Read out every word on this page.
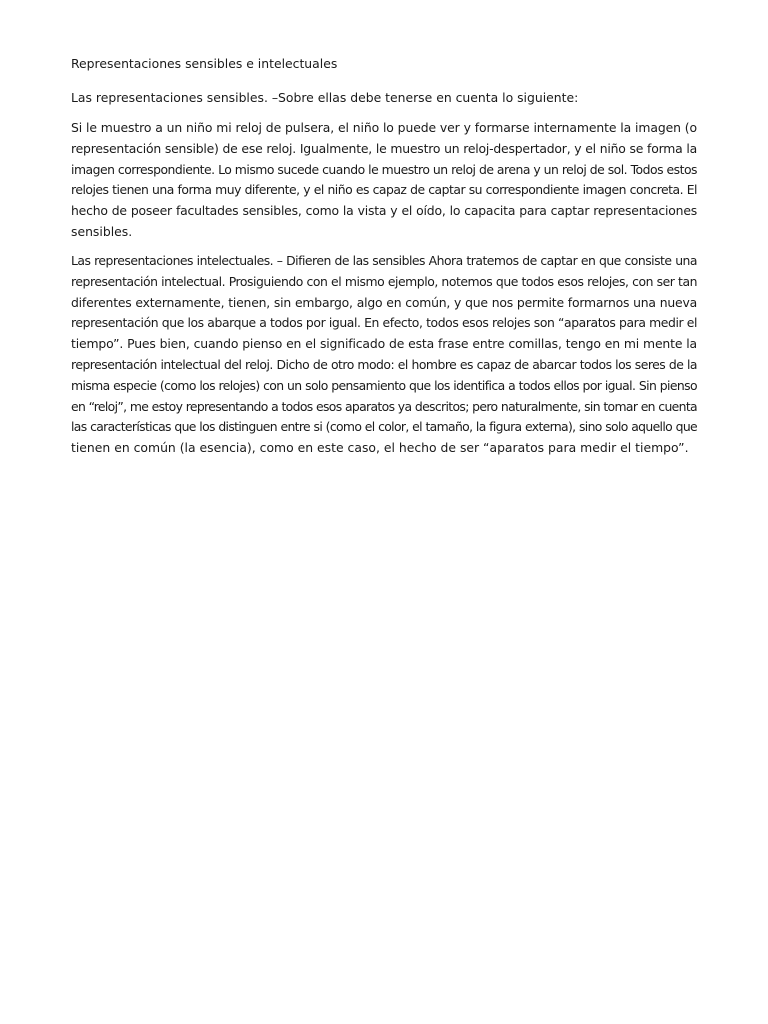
Representaciones sensibles e intelectuales
Las representaciones sensibles. –Sobre ellas debe tenerse en cuenta lo siguiente:
Si le muestro a un niño mi reloj de pulsera, el niño lo puede ver y formarse internamente la imagen (o
representación sensible) de ese reloj. Igualmente, le muestro un reloj-despertador, y el niño se forma la
imagen correspondiente. Lo mismo sucede cuando le muestro un reloj de arena y un reloj de sol. Todos estos
relojes tienen una forma muy diferente, y el niño es capaz de captar su correspondiente imagen concreta. El
hecho de poseer facultades sensibles, como la vista y el oído, lo capacita para captar representaciones
sensibles.
Las representaciones intelectuales. – Difieren de las sensibles Ahora tratemos de captar en que consiste una
representación intelectual. Prosiguiendo con el mismo ejemplo, notemos que todos esos relojes, con ser tan
diferentes externamente, tienen, sin embargo, algo en común, y que nos permite formarnos una nueva
representación que los abarque a todos por igual. En efecto, todos esos relojes son “aparatos para medir el
tiempo”. Pues bien, cuando pienso en el significado de esta frase entre comillas, tengo en mi mente la
representación intelectual del reloj. Dicho de otro modo: el hombre es capaz de abarcar todos los seres de la
misma especie (como los relojes) con un solo pensamiento que los identifica a todos ellos por igual. Sin pienso
en “reloj”, me estoy representando a todos esos aparatos ya descritos; pero naturalmente, sin tomar en cuenta
las características que los distinguen entre si (como el color, el tamaño, la figura externa), sino solo aquello que
tienen en común (la esencia), como en este caso, el hecho de ser “aparatos para medir el tiempo”.
